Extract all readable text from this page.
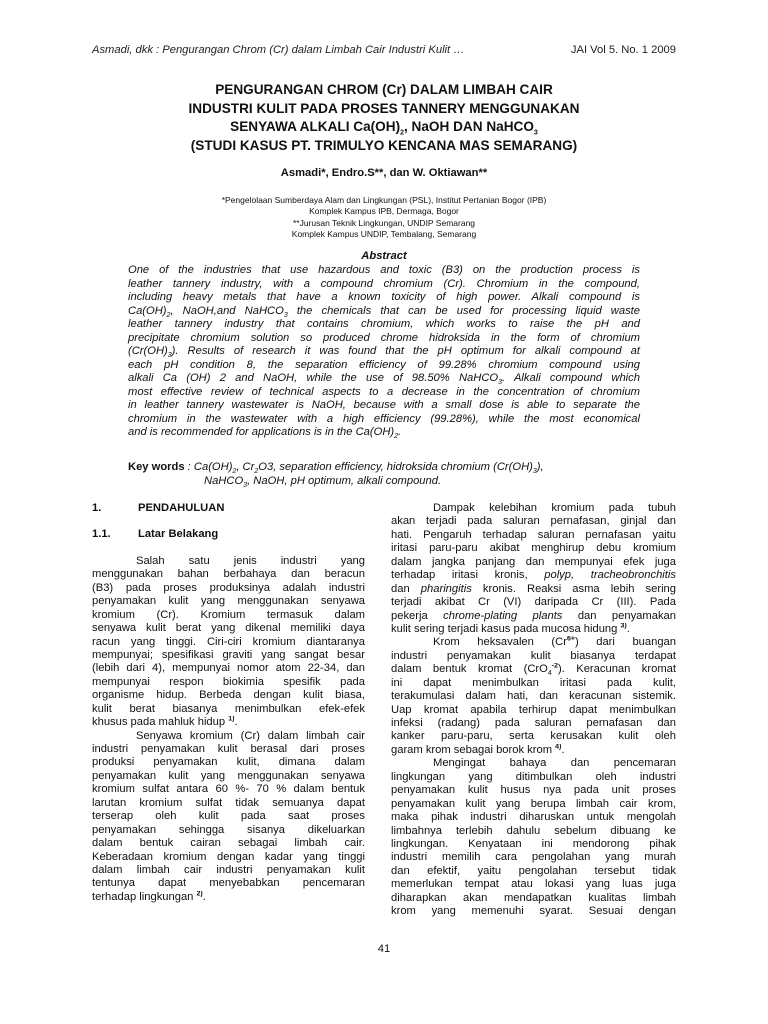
Asmadi, dkk : Pengurangan Chrom (Cr) dalam Limbah Cair Industri Kulit …	JAI Vol 5. No. 1 2009
PENGURANGAN CHROM (Cr) DALAM LIMBAH CAIR
INDUSTRI KULIT PADA PROSES TANNERY MENGGUNAKAN
SENYAWA ALKALI $Ca(OH)_2$, NaOH DAN NaHCO$_3$
(STUDI KASUS PT. TRIMULYO KENCANA MAS SEMARANG)
Asmadi*, Endro.S**, dan W. Oktiawan**
*Pengelolaan Sumberdaya Alam dan Lingkungan (PSL), Institut Pertanian Bogor (IPB)
Komplek Kampus IPB, Dermaga, Bogor
**Jurusan Teknik Lingkungan, UNDIP Semarang
Komplek Kampus UNDIP, Tembalang, Semarang
Abstract
One of the industries that use hazardous and toxic (B3) on the production process is
leather tannery industry, with a compound chromium (Cr). Chromium in the compound,
including heavy metals that have a known toxicity of high power. Alkali compound is
$Ca(OH)_2$, NaOH,and NaHCO$_3$ the chemicals that can be used for processing liquid waste
leather tannery industry that contains chromium, which works to raise the pH and
precipitate chromium solution so produced chrome hidroksida in the form of chromium
$(Cr(OH)_3)$. Results of research it was found that the pH optimum for alkali compound at
each pH condition 8, the separation efficiency of 99.28% chromium compound using
alkali Ca (OH) 2 and NaOH, while the use of 98.50% NaHCO$_3$. Alkali compound which
most effective review of technical aspects to a decrease in the concentration of chromium
in leather tannery wastewater is NaOH, because with a small dose is able to separate the
chromium in the wastewater with a high efficiency (99.28%), while the most economical
and is recommended for applications is in the $Ca(OH)_2$.
Key words : $Ca(OH)_2$, $Cr_2O3$, separation efficiency, hidroksida chromium $(Cr(OH)_3)$,
NaHCO$_3$, NaOH, pH optimum, alkali compound.
1.	PENDAHULUAN
1.1. Latar Belakang
Salah satu jenis industri yang
menggunakan bahan berbahaya dan beracun
(B3) pada proses produksinya adalah industri
penyamakan kulit yang menggunakan senyawa
kromium (Cr). Kromium termasuk dalam
senyawa kulit berat yang dikenal memiliki daya
racun yang tinggi. Ciri-ciri kromium diantaranya
mempunyai; spesifikasi graviti yang sangat besar
(lebih dari 4), mempunyai nomor atom 22-34, dan
mempunyai respon biokimia spesifik pada
organisme hidup. Berbeda dengan kulit biasa,
kulit berat biasanya menimbulkan efek-efek
khusus pada mahluk hidup $^{1)}$.
Senyawa kromium (Cr) dalam limbah cair
industri penyamakan kulit berasal dari proses
produksi penyamakan kulit, dimana dalam
penyamakan kulit yang menggunakan senyawa
kromium sulfat antara 60 %- 70 % dalam bentuk
larutan kromium sulfat tidak semuanya dapat
terserap oleh kulit pada saat proses
penyamakan sehingga sisanya dikeluarkan
dalam bentuk cairan sebagai limbah cair.
Keberadaan kromium dengan kadar yang tinggi
dalam limbah cair industri penyamakan kulit
tentunya dapat menyebabkan pencemaran
terhadap lingkungan $^{2)}$.
Dampak kelebihan kromium pada tubuh
akan terjadi pada saluran pernafasan, ginjal dan
hati. Pengaruh terhadap saluran pernafasan yaitu
iritasi paru-paru akibat menghirup debu kromium
dalam jangka panjang dan mempunyai efek juga
terhadap iritasi kronis, polyp, tracheobronchitis
dan pharingitis kronis. Reaksi asma lebih sering
terjadi akibat Cr (VI) daripada Cr (III). Pada
pekerja chrome-plating plants dan penyamakan
kulit sering terjadi kasus pada mucosa hidung $^{3)}$.
Krom heksavalen $(Cr^{6+})$ dari buangan
industri penyamakan kulit biasanya terdapat
dalam bentuk kromat (CrO$_4^{-2}$). Keracunan kromat
ini dapat menimbulkan iritasi pada kulit,
terakumulasi dalam hati, dan keracunan sistemik.
Uap kromat apabila terhirup dapat menimbulkan
infeksi (radang) pada saluran pernafasan dan
kanker paru-paru, serta kerusakan kulit oleh
garam krom sebagai borok krom $^{4)}$.
Mengingat bahaya dan pencemaran
lingkungan yang ditimbulkan oleh industri
penyamakan kulit husus nya pada unit proses
penyamakan kulit yang berupa limbah cair krom,
maka pihak industri diharuskan untuk mengolah
limbahnya terlebih dahulu sebelum dibuang ke
lingkungan. Kenyataan ini mendorong pihak
industri memilih cara pengolahan yang murah
dan efektif, yaitu pengolahan tersebut tidak
memerlukan tempat atau lokasi yang luas juga
diharapkan akan mendapatkan kualitas limbah
krom yang memenuhi syarat. Sesuai dengan
41
